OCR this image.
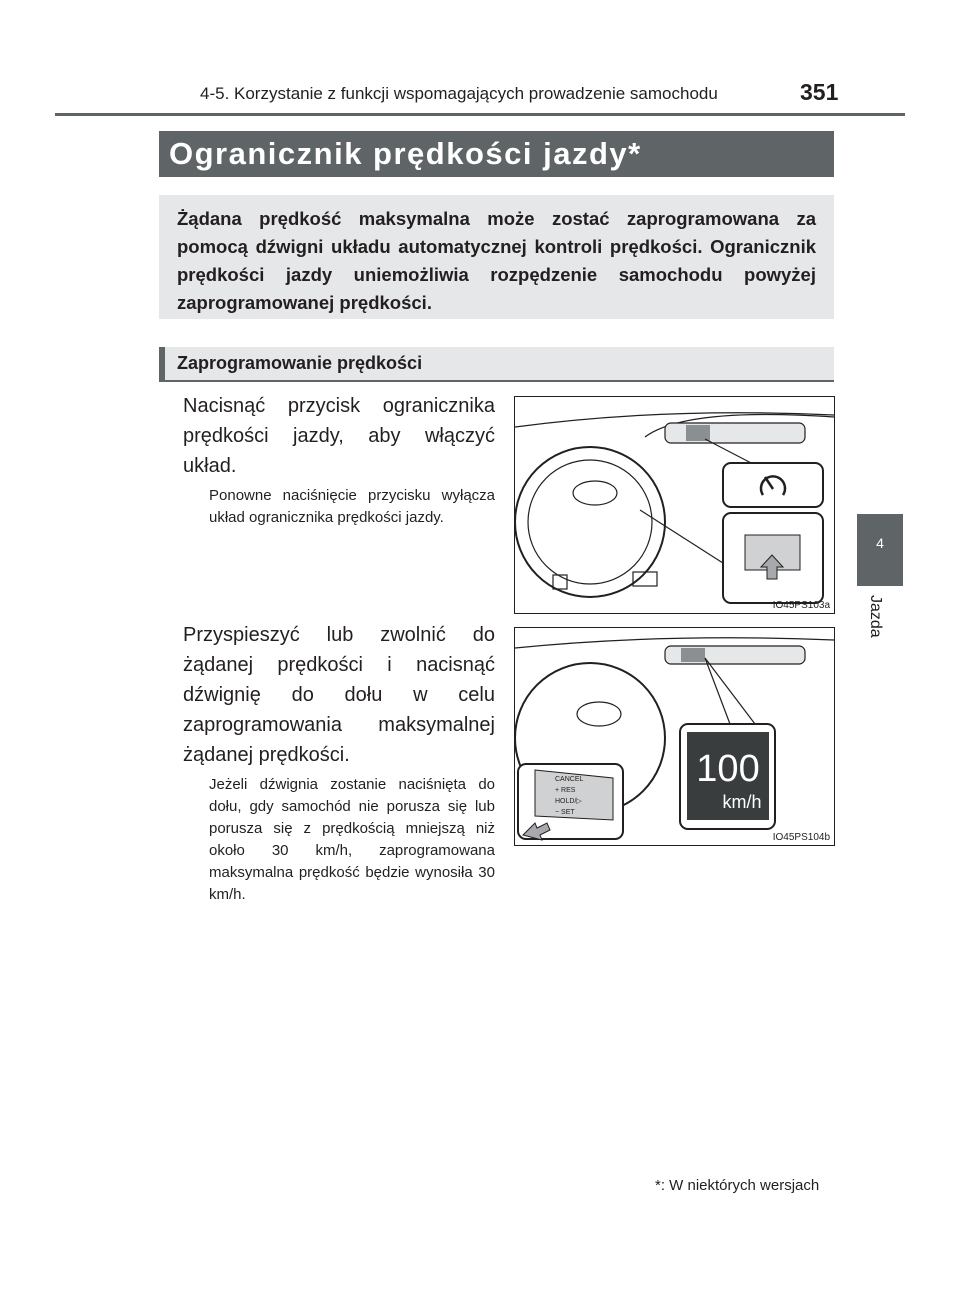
4-5. Korzystanie z funkcji wspomagających prowadzenie samochodu	351
Ogranicznik prędkości jazdy*
Żądana prędkość maksymalna może zostać zaprogramowana za pomocą dźwigni układu automatycznej kontroli prędkości. Ogranicznik prędkości jazdy uniemożliwia rozpędzenie samochodu powyżej zaprogramowanej prędkości.
Zaprogramowanie prędkości
Nacisnąć przycisk ogranicznika prędkości jazdy, aby włączyć układ.
Ponowne naciśnięcie przycisku wyłącza układ ogranicznika prędkości jazdy.
IO45PS103a
Przyspieszyć lub zwolnić do żądanej prędkości i nacisnąć dźwignię do dołu w celu zaprogramowania maksymalnej żądanej prędkości.
Jeżeli dźwignia zostanie naciśnięta do dołu, gdy samochód nie porusza się lub porusza się z prędkością mniejszą niż około 30 km/h, zaprogramowana maksymalna prędkość będzie wynosiła 30 km/h.
100
km/h
CANCEL
+ RES
HOLD/▷
− SET
IO45PS104b
4
Jazda
*: W niektórych wersjach
